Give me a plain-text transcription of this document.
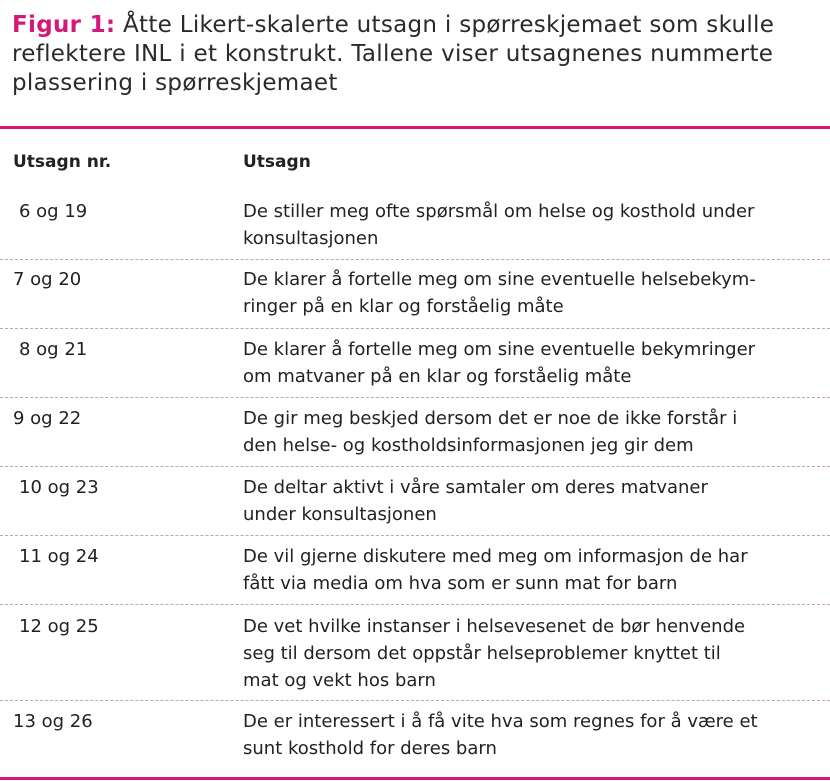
Figur 1: Åtte Likert-skalerte utsagn i spørreskjemaet som skulle reflektere INL i et konstrukt. Tallene viser utsagnenes nummerte plassering i spørreskjemaet
Utsagn nr.	Utsagn
6 og 19	De stiller meg ofte spørsmål om helse og kosthold under
konsultasjonen
7 og 20	De klarer å fortelle meg om sine eventuelle helsebekym-
ringer på en klar og forståelig måte
8 og 21	De klarer å fortelle meg om sine eventuelle bekymringer
om matvaner på en klar og forståelig måte
9 og 22	De gir meg beskjed dersom det er noe de ikke forstår i
den helse- og kostholdsinformasjonen jeg gir dem
10 og 23	De deltar aktivt i våre samtaler om deres matvaner
under konsultasjonen
11 og 24	De vil gjerne diskutere med meg om informasjon de har
fått via media om hva som er sunn mat for barn
12 og 25	De vet hvilke instanser i helsevesenet de bør henvende
seg til dersom det oppstår helseproblemer knyttet til
mat og vekt hos barn
13 og 26	De er interessert i å få vite hva som regnes for å være et
sunt kosthold for deres barn
